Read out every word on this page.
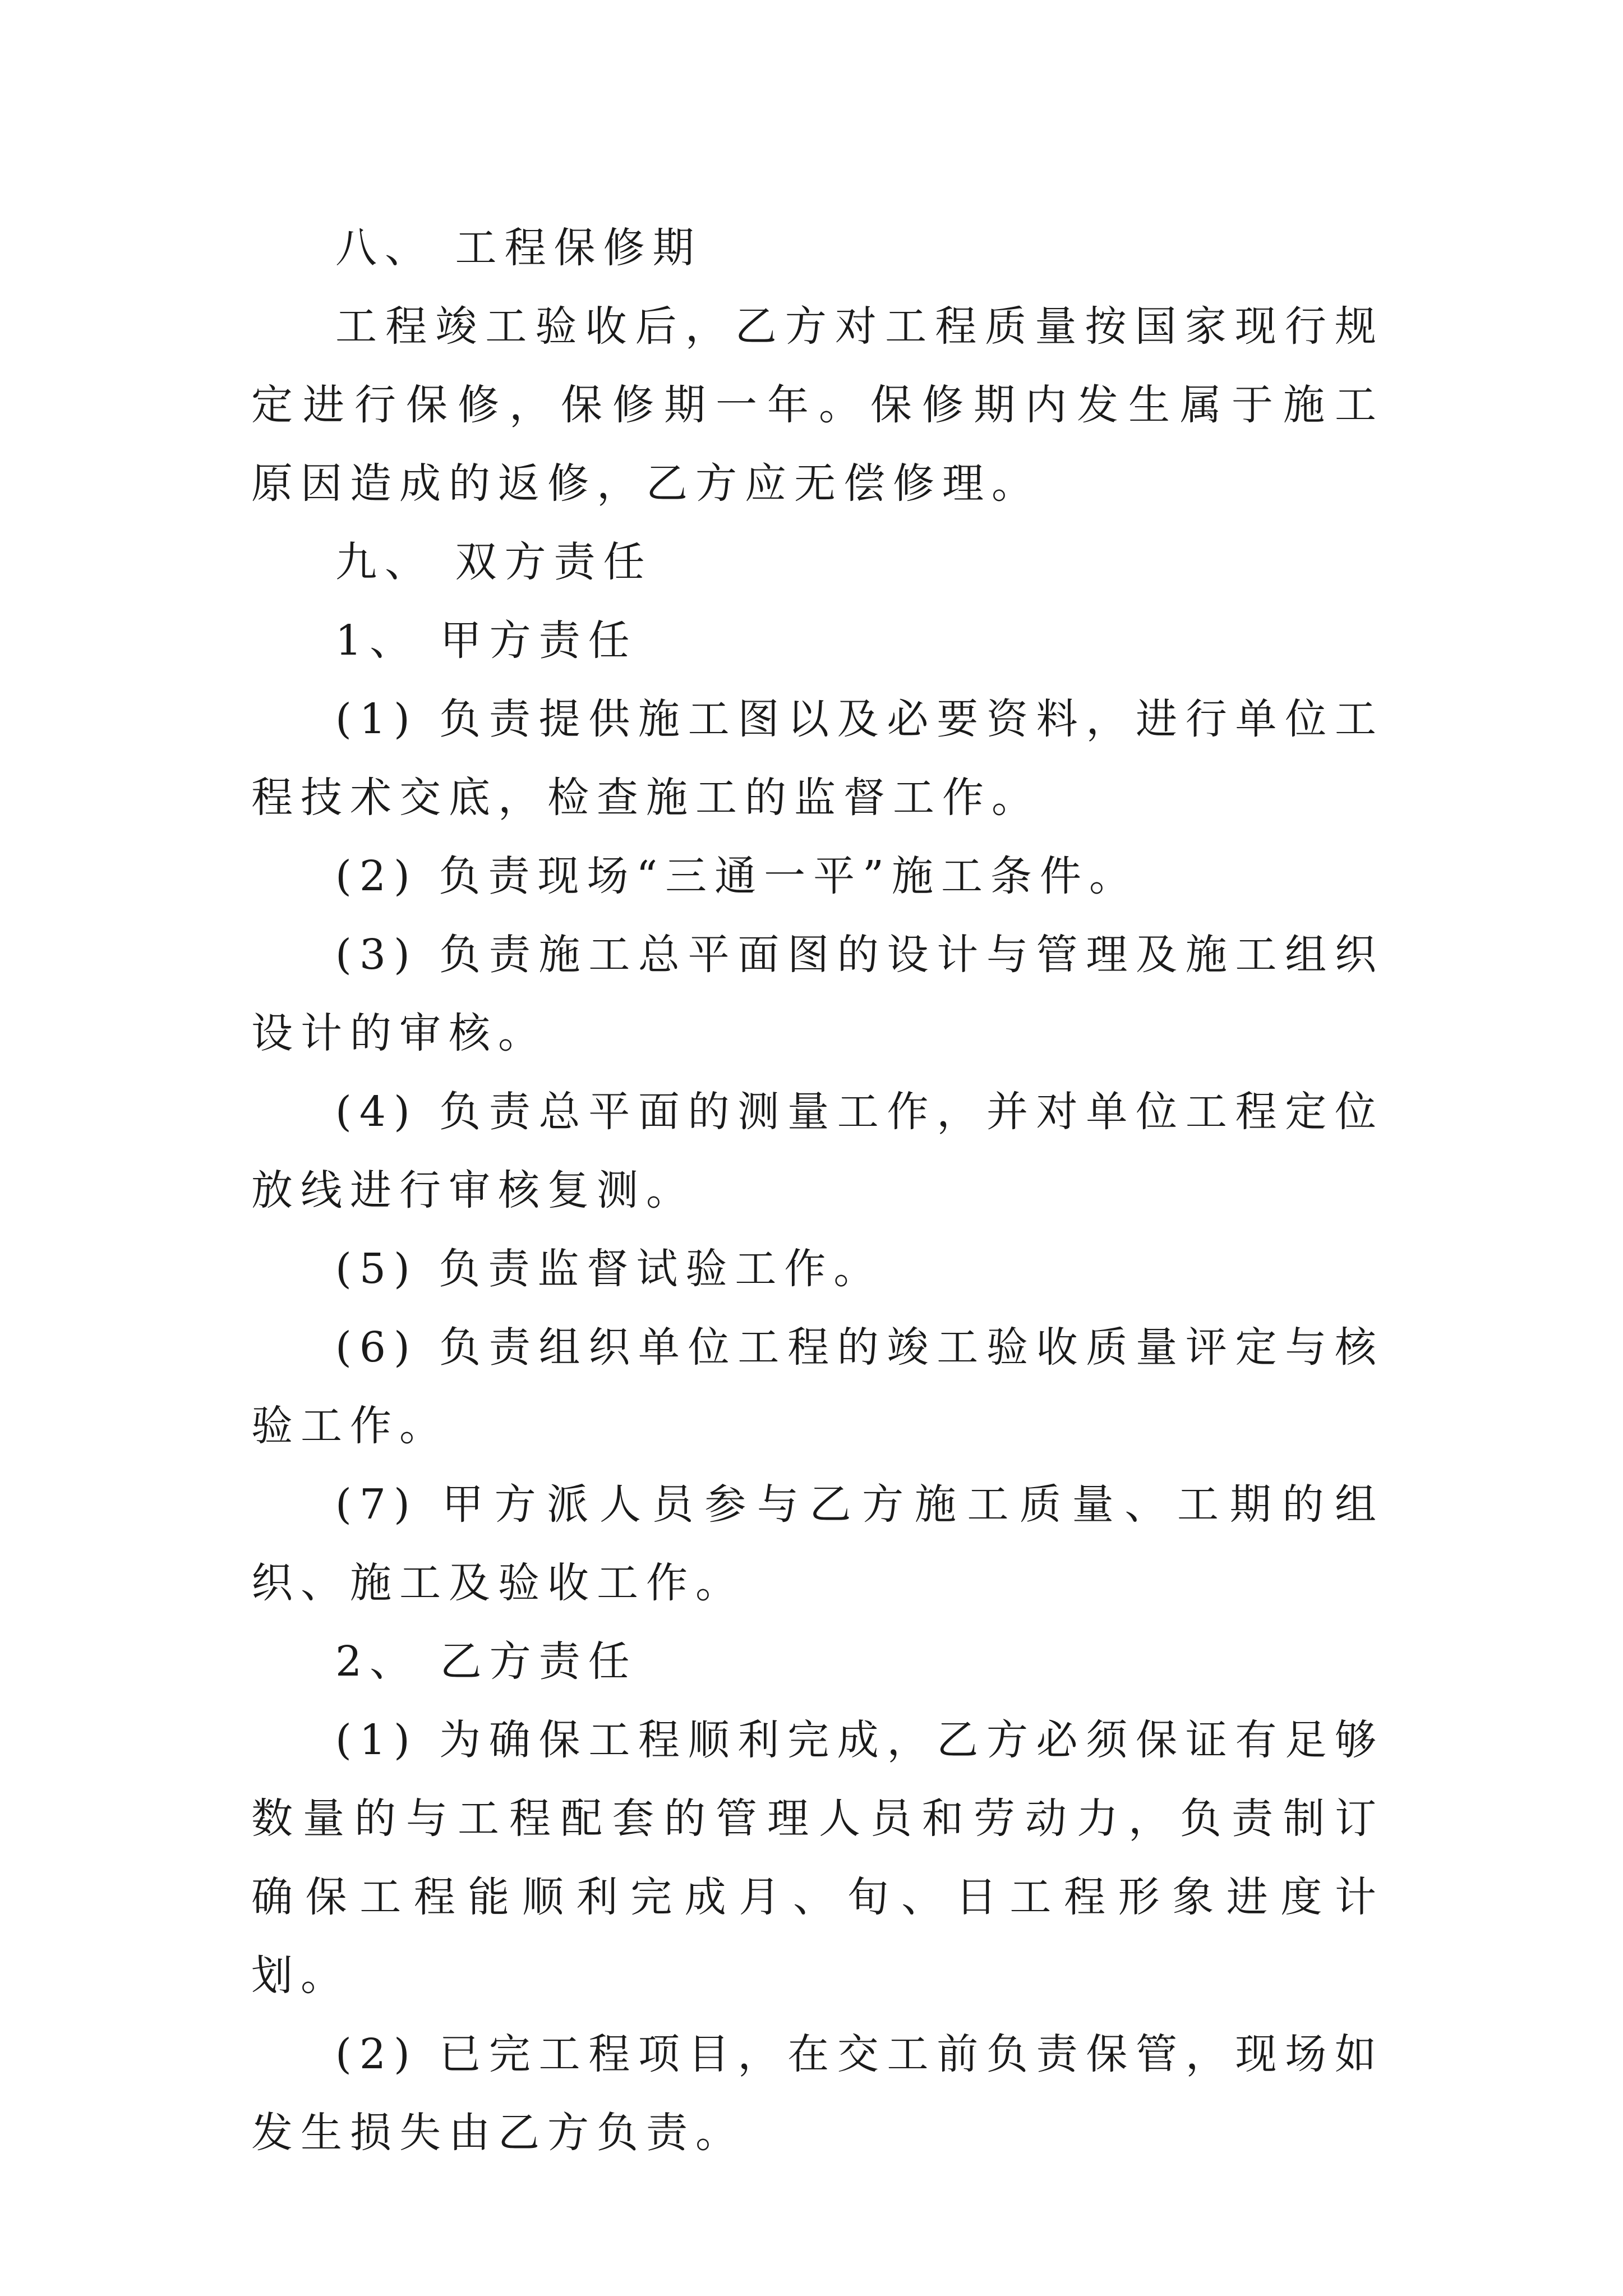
八、 工程保修期

工程竣工验收后，乙方对工程质量按国家现行规定进行保修，保修期一年。保修期内发生属于施工原因造成的返修，乙方应无偿修理。

九、 双方责任

1、 甲方责任

(1) 负责提供施工图以及必要资料，进行单位工程技术交底，检查施工的监督工作。

(2) 负责现场“三通一平”施工条件。

(3) 负责施工总平面图的设计与管理及施工组织设计的审核。

(4) 负责总平面的测量工作，并对单位工程定位放线进行审核复测。

(5) 负责监督试验工作。

(6) 负责组织单位工程的竣工验收质量评定与核验工作。

(7) 甲方派人员参与乙方施工质量、工期的组织、施工及验收工作。

2、 乙方责任

(1) 为确保工程顺利完成，乙方必须保证有足够数量的与工程配套的管理人员和劳动力，负责制订确保工程能顺利完成月、旬、日工程形象进度计划。

(2) 已完工程项目，在交工前负责保管，现场如发生损失由乙方负责。
